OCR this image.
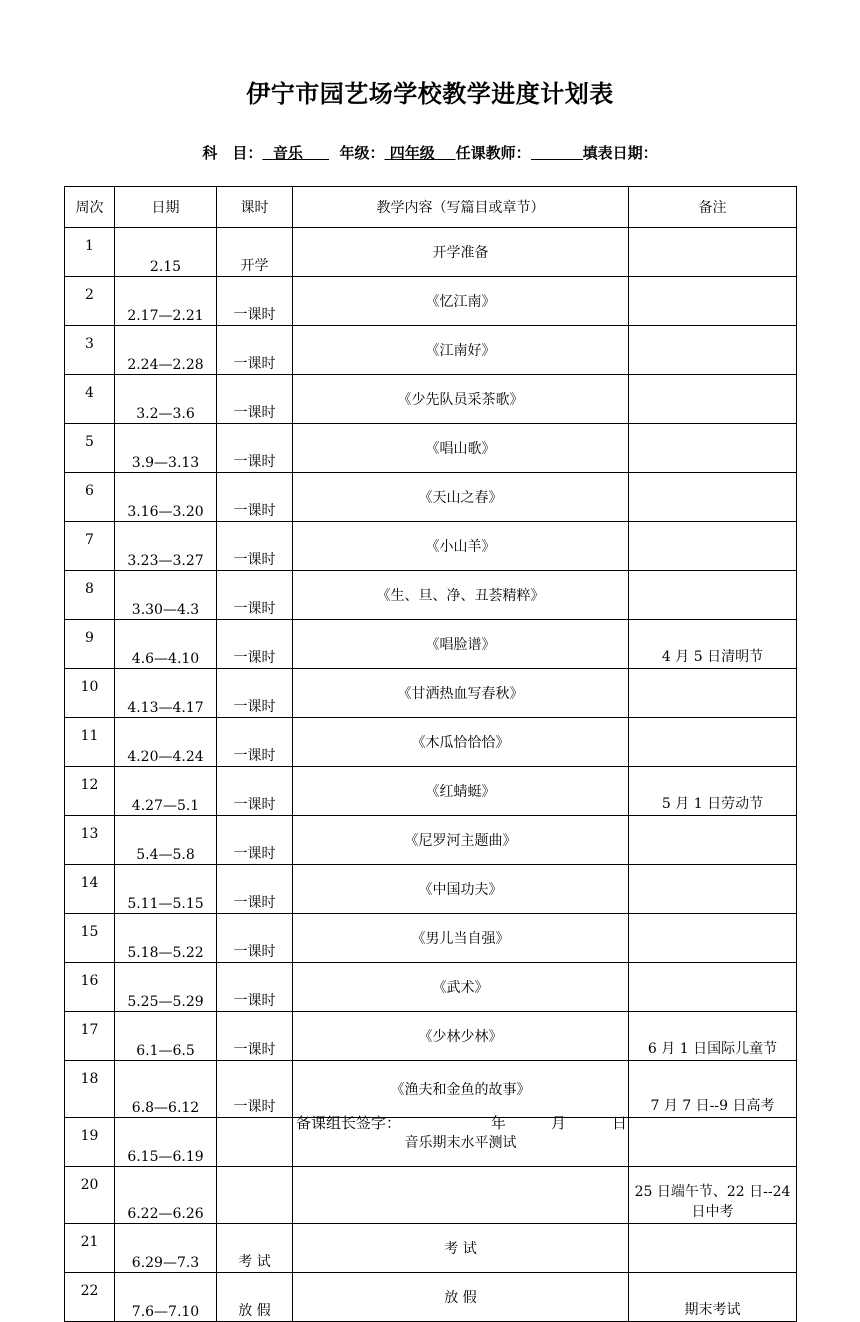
伊宁市园艺场学校教学进度计划表
科　目： 音乐 年级： 四年级 任课教师：	填表日期：
周次	日期	课时	教学内容（写篇目或章节）	备注
1	2.15	开学	开学准备	
2	2.17—2.21	一课时	《忆江南》	
3	2.24—2.28	一课时	《江南好》	
4	3.2—3.6	一课时	《少先队员采茶歌》	
5	3.9—3.13	一课时	《唱山歌》	
6	3.16—3.20	一课时	《天山之春》	
7	3.23—3.27	一课时	《小山羊》	
8	3.30—4.3	一课时	《生、旦、净、丑荟精粹》	
9	4.6—4.10	一课时	《唱脸谱》	4 月 5 日清明节
10	4.13—4.17	一课时	《甘洒热血写春秋》	
11	4.20—4.24	一课时	《木瓜恰恰恰》	
12	4.27—5.1	一课时	《红蜻蜓》	5 月 1 日劳动节
13	5.4—5.8	一课时	《尼罗河主题曲》	
14	5.11—5.15	一课时	《中国功夫》	
15	5.18—5.22	一课时	《男儿当自强》	
16	5.25—5.29	一课时	《武术》	
17	6.1—6.5	一课时	《少林少林》	6 月 1 日国际儿童节
18	6.8—6.12	一课时	《渔夫和金鱼的故事》	7 月 7 日--9 日高考
19	6.15—6.19		音乐期末水平测试	
20	6.22—6.26			25 日端午节、22 日--24 日中考
21	6.29—7.3	考 试	考 试	
22	7.6—7.10	放 假	放 假	期末考试
备课组长签字：	年	月	日
